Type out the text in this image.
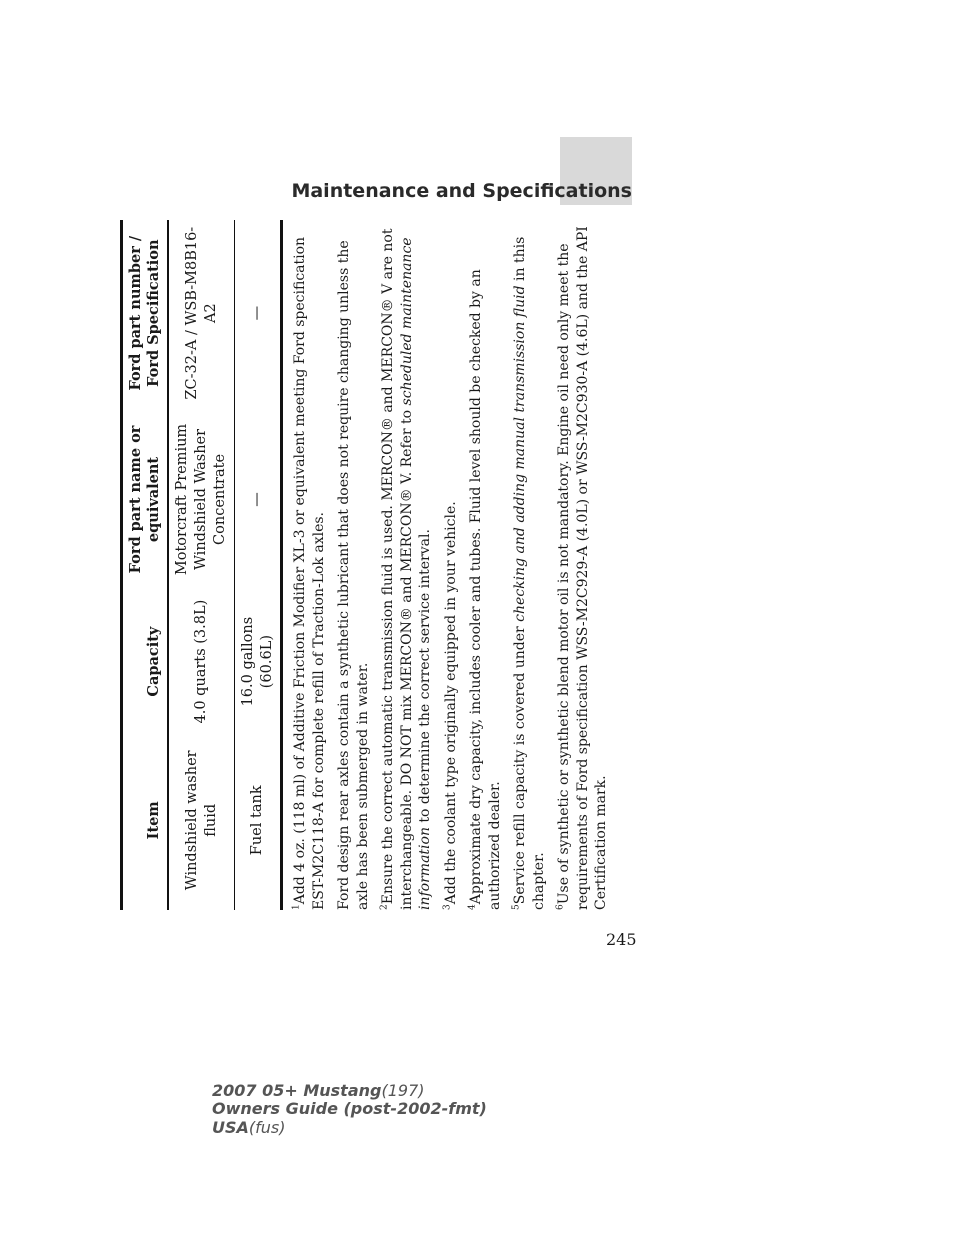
Maintenance and Specifications
Item	Capacity	Ford part name or equivalent	Ford part number / Ford Specification
Windshield washer fluid	4.0 quarts (3.8L)	Motorcraft Premium Windshield Washer Concentrate	ZC-32-A / WSB-M8B16-A2
Fuel tank	16.0 gallons (60.6L)	—	—

$^1$Add 4 oz. (118 ml) of Additive Friction Modifier XL-3 or equivalent meeting Ford specification EST-M2C118-A for complete refill of Traction-Lok axles. Ford design rear axles contain a synthetic lubricant that does not require changing unless the axle has been submerged in water. $^2$Ensure the correct automatic transmission fluid is used. MERCON® and MERCON® V are not interchangeable. DO NOT mix MERCON® and MERCON® V. Refer to scheduled maintenance information to determine the correct service interval.

$^3$Add the coolant type originally equipped in your vehicle.

$^4$Approximate dry capacity, includes cooler and tubes. Fluid level should be checked by an authorized dealer. $^5$Service refill capacity is covered under checking and adding manual transmission fluid in this chapter. $^6$Use of synthetic or synthetic blend motor oil is not mandatory. Engine oil need only meet the requirements of Ford specification WSS-M2C929-A (4.0L) or WSS-M2C930-A (4.6L) and the API Certification mark.

245
2007 05+ Mustang(197)
Owners Guide (post-2002-fmt)
USA(fus)
